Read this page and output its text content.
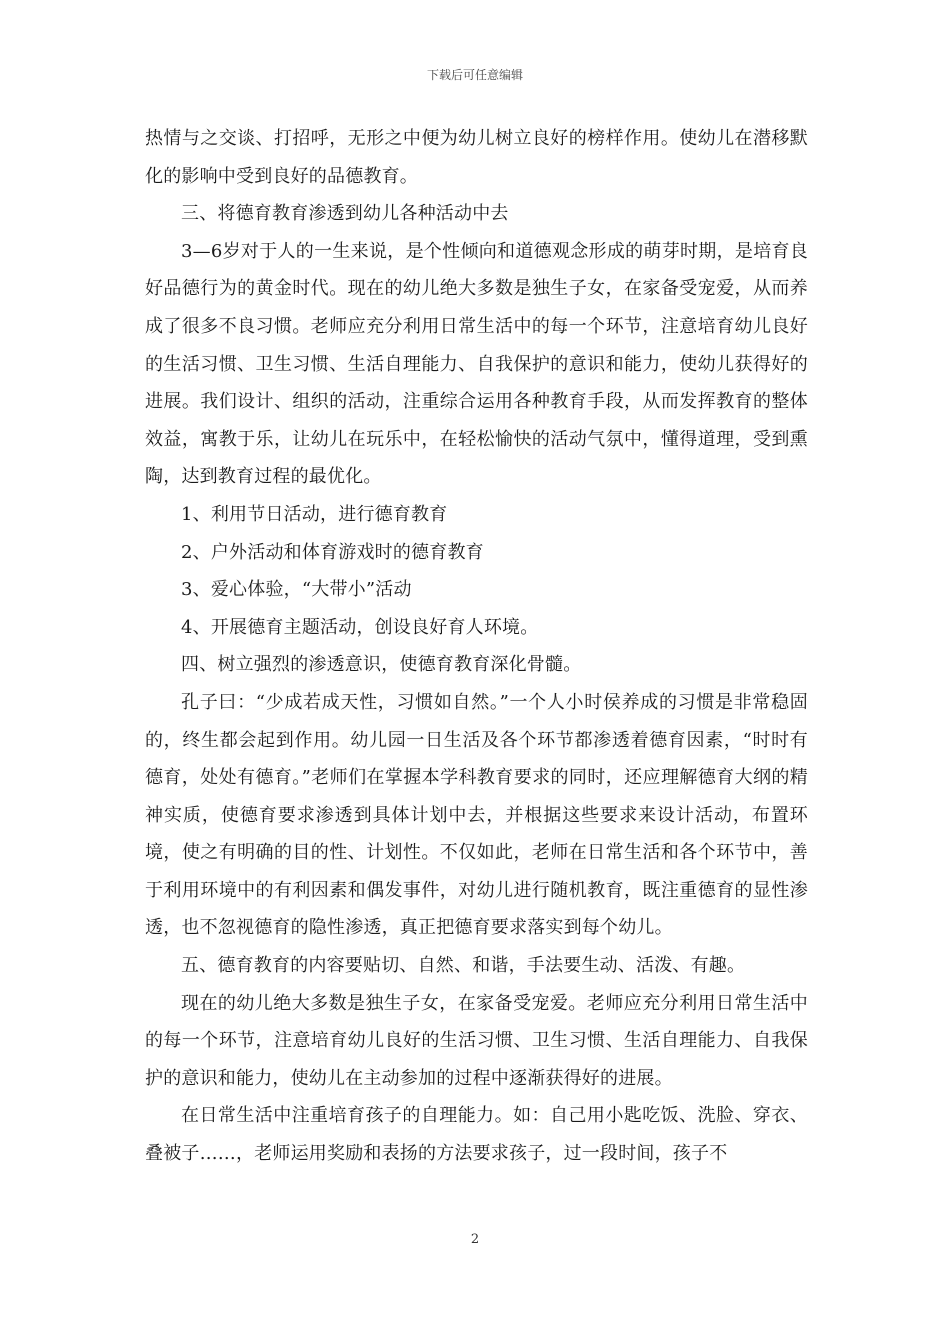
下载后可任意编辑

热情与之交谈、打招呼，无形之中便为幼儿树立良好的榜样作用。使幼儿在潜移默化的影响中受到良好的品德教育。

三、将德育教育渗透到幼儿各种活动中去

3—6岁对于人的一生来说，是个性倾向和道德观念形成的萌芽时期，是培育良好品德行为的黄金时代。现在的幼儿绝大多数是独生子女，在家备受宠爱，从而养成了很多不良习惯。老师应充分利用日常生活中的每一个环节，注意培育幼儿良好的生活习惯、卫生习惯、生活自理能力、自我保护的意识和能力，使幼儿获得好的进展。我们设计、组织的活动，注重综合运用各种教育手段，从而发挥教育的整体效益，寓教于乐，让幼儿在玩乐中，在轻松愉快的活动气氛中，懂得道理，受到熏陶，达到教育过程的最优化。

1、利用节日活动，进行德育教育

2、户外活动和体育游戏时的德育教育

3、爱心体验，“大带小”活动

4、开展德育主题活动，创设良好育人环境。

四、树立强烈的渗透意识，使德育教育深化骨髓。

孔子曰：“少成若成天性，习惯如自然。”一个人小时侯养成的习惯是非常稳固的，终生都会起到作用。幼儿园一日生活及各个环节都渗透着德育因素，“时时有德育，处处有德育。”老师们在掌握本学科教育要求的同时，还应理解德育大纲的精神实质，使德育要求渗透到具体计划中去，并根据这些要求来设计活动，布置环境，使之有明确的目的性、计划性。不仅如此，老师在日常生活和各个环节中，善于利用环境中的有利因素和偶发事件，对幼儿进行随机教育，既注重德育的显性渗透，也不忽视德育的隐性渗透，真正把德育要求落实到每个幼儿。

五、德育教育的内容要贴切、自然、和谐，手法要生动、活泼、有趣。

现在的幼儿绝大多数是独生子女，在家备受宠爱。老师应充分利用日常生活中的每一个环节，注意培育幼儿良好的生活习惯、卫生习惯、生活自理能力、自我保护的意识和能力，使幼儿在主动参加的过程中逐渐获得好的进展。

在日常生活中注重培育孩子的自理能力。如：自己用小匙吃饭、洗脸、穿衣、叠被子……，老师运用奖励和表扬的方法要求孩子，过一段时间，孩子不

2
